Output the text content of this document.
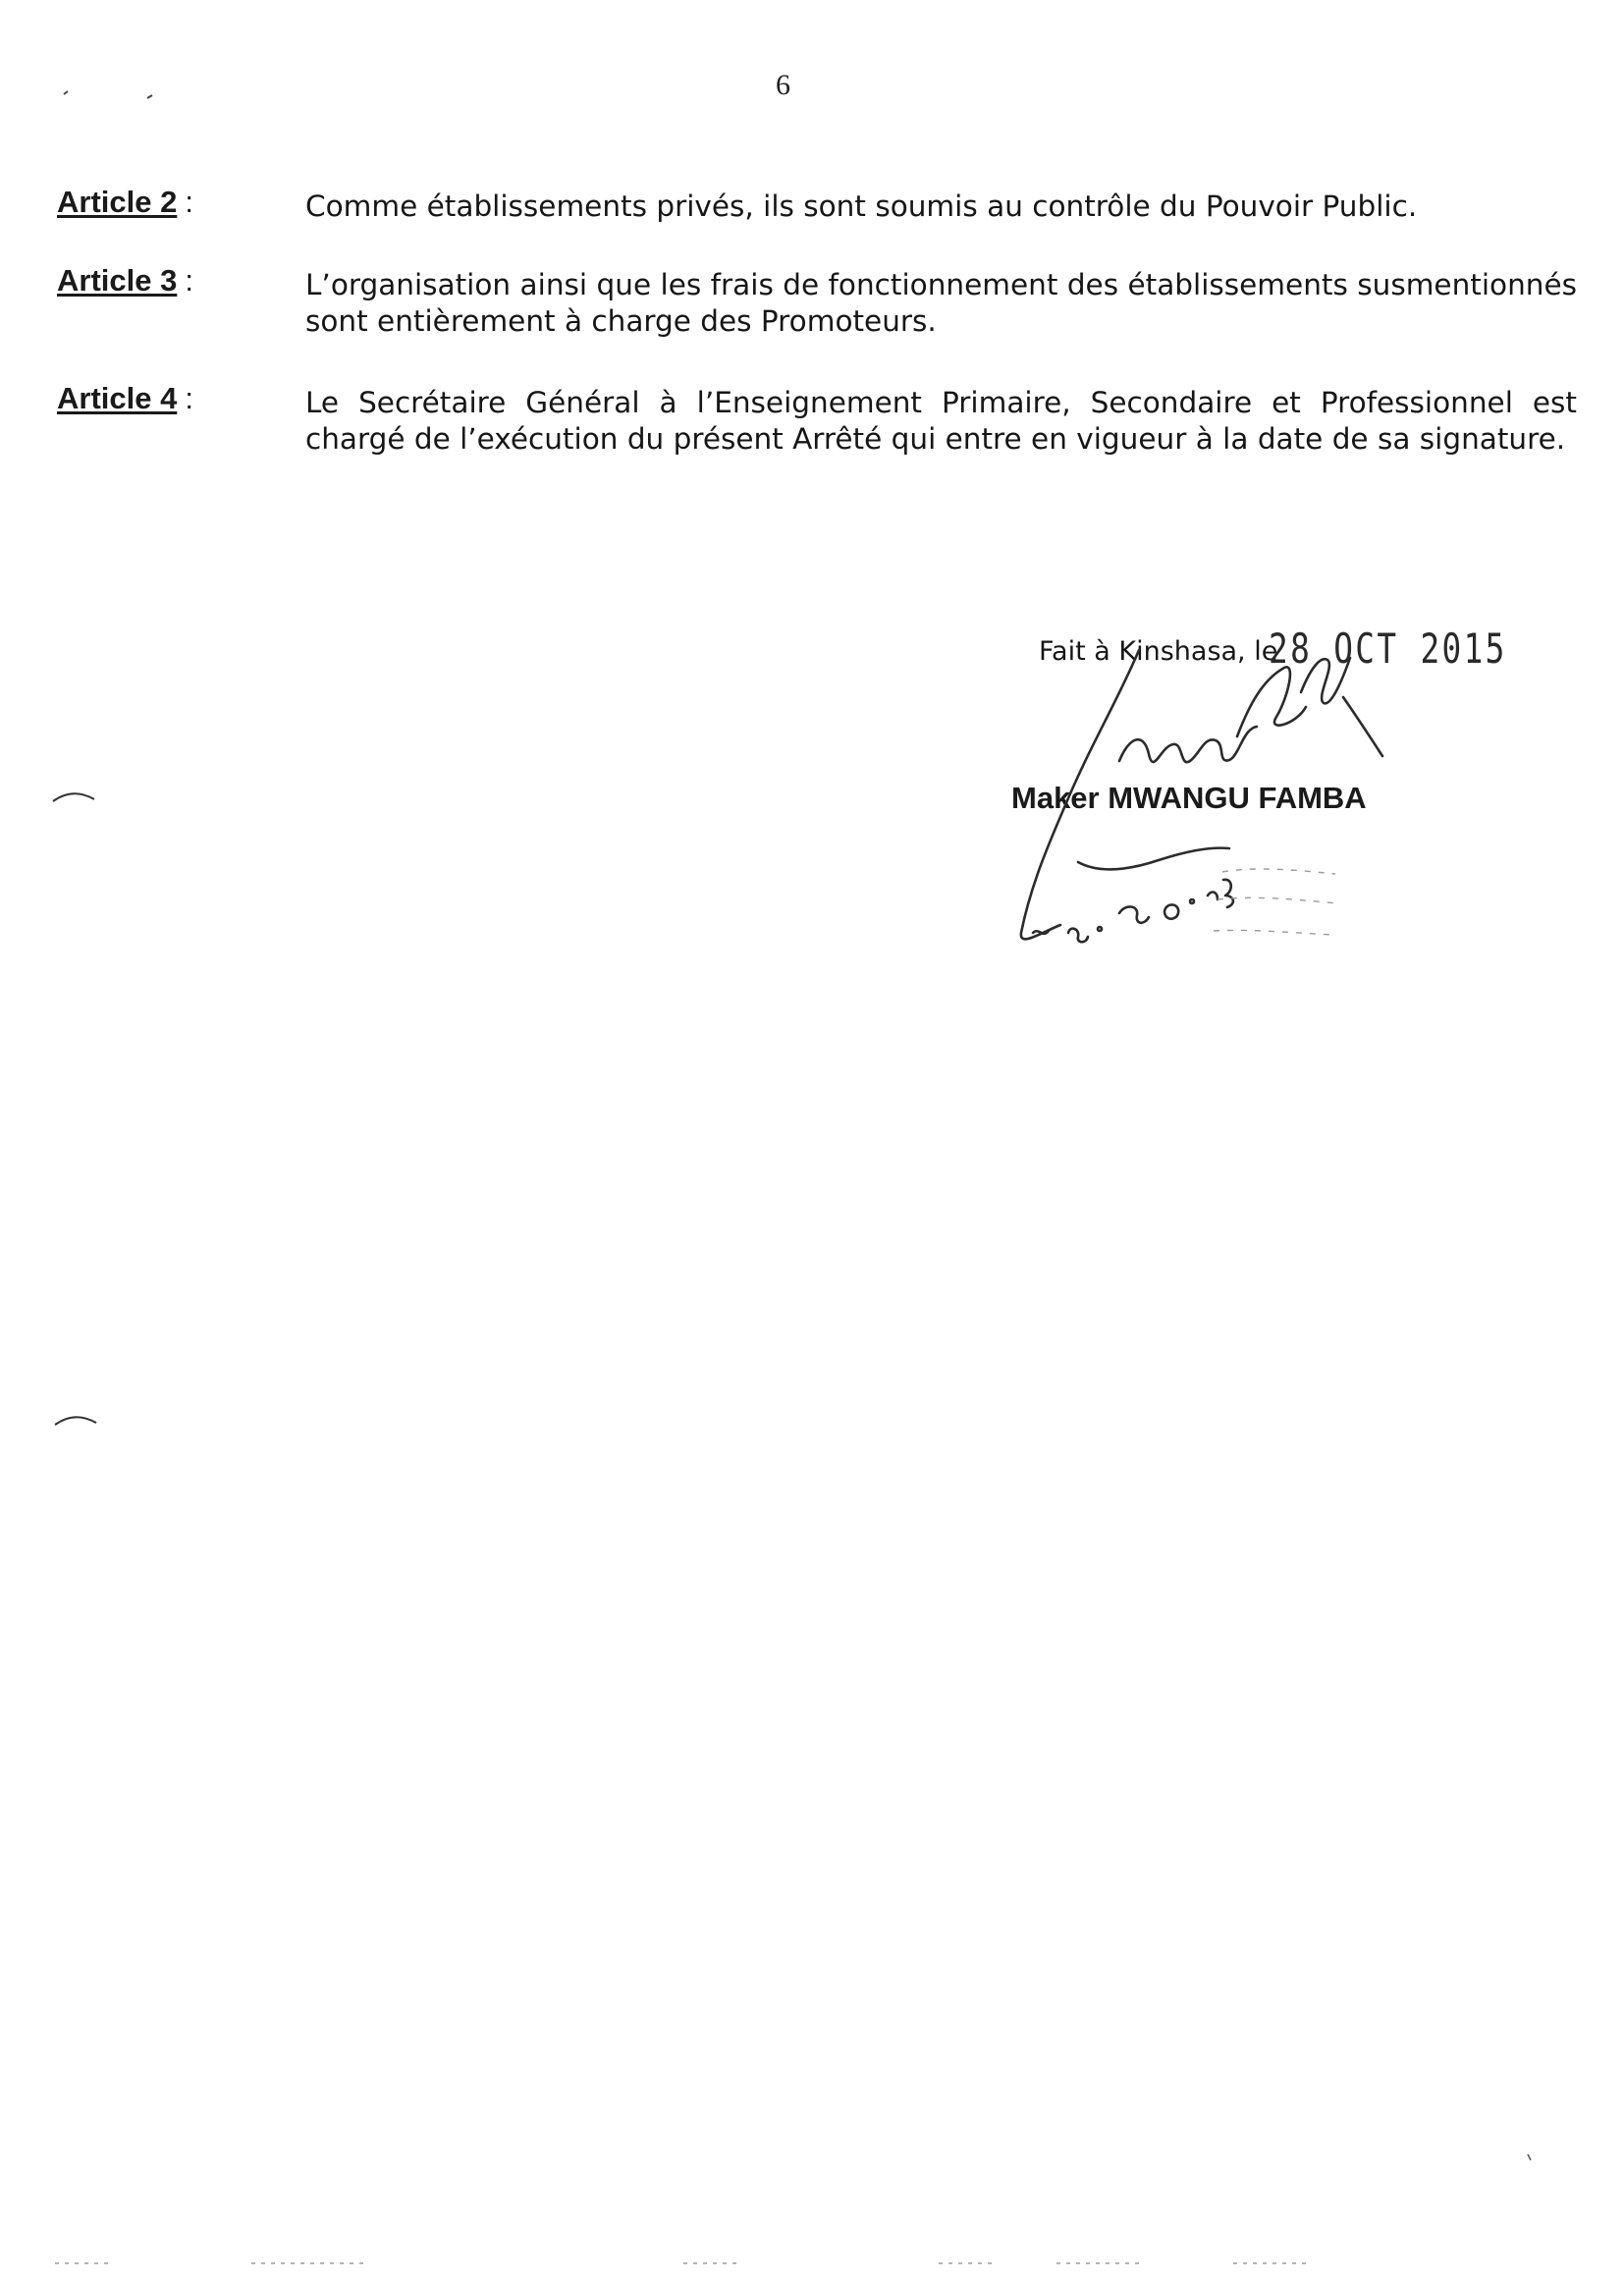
6
Article 2 :	Comme établissements privés, ils sont soumis au contrôle du Pouvoir Public.
Article 3 :	L’organisation ainsi que les frais de fonctionnement des établissements susmentionnés sont entièrement à charge des Promoteurs.
Article 4 :	Le Secrétaire Général à l’Enseignement Primaire, Secondaire et Professionnel est chargé de l’exécution du présent Arrêté qui entre en vigueur à la date de sa signature.
Fait à Kinshasa, le
28 OCT 2015
Maker MWANGU FAMBA
